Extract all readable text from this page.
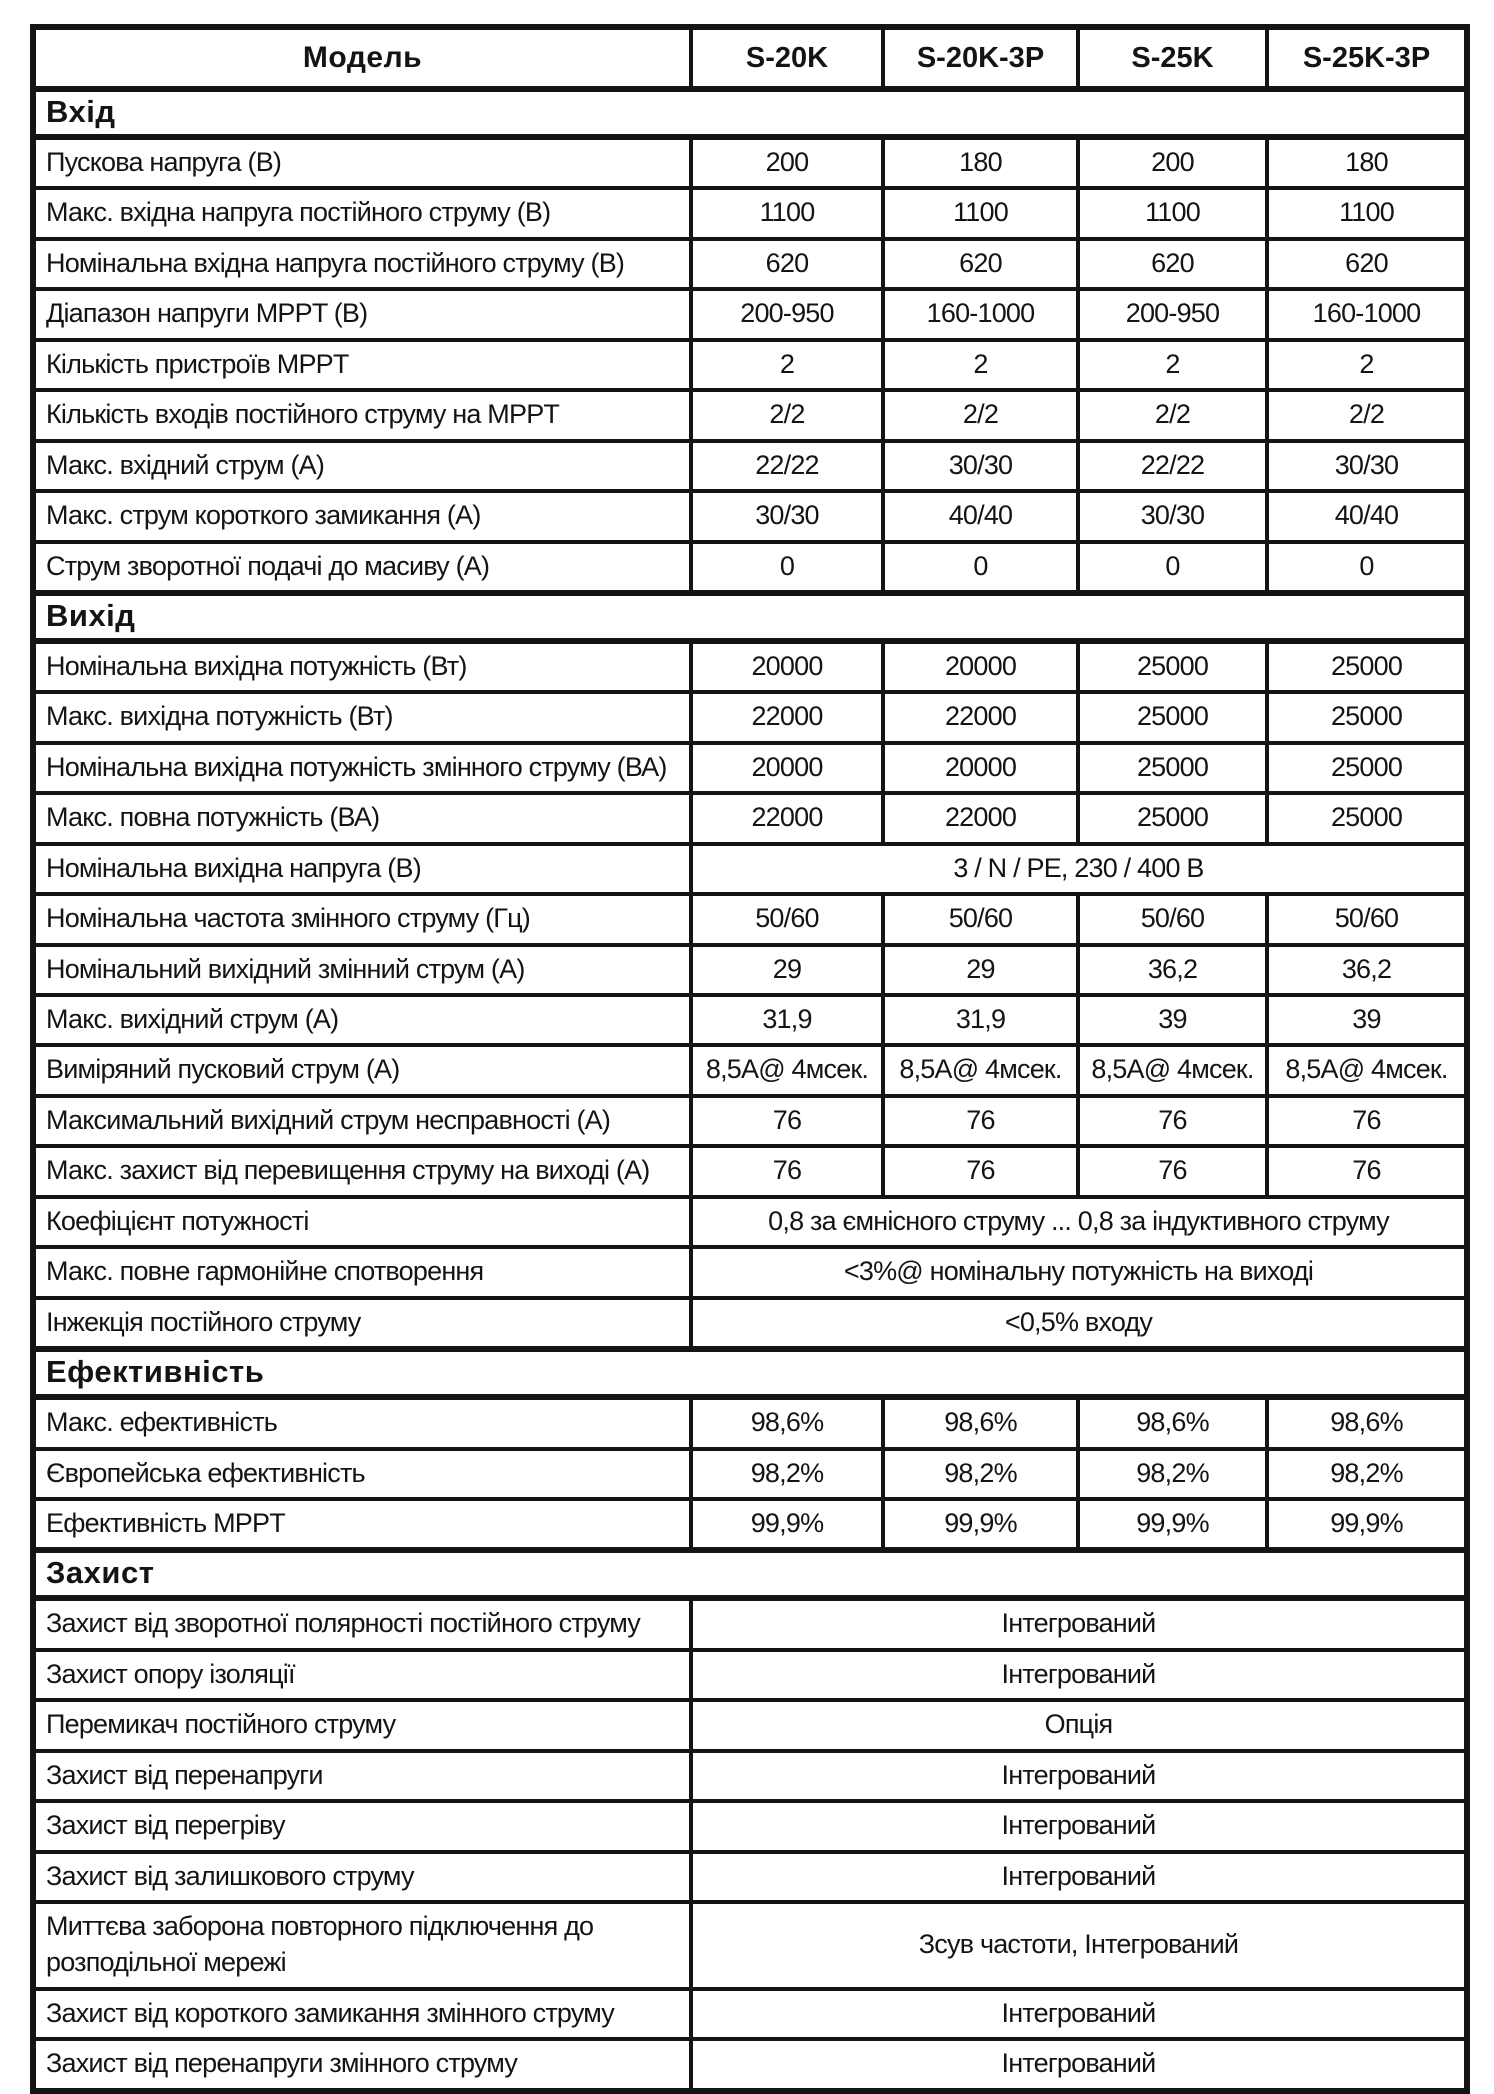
Модель	S-20K	S-20K-3P	S-25K	S-25K-3P
Вхід				
Пускова напруга (В)	200	180	200	180
Макс. вхідна напруга постійного струму (В)	1100	1100	1100	1100
Номінальна вхідна напруга постійного струму (В)	620	620	620	620
Діапазон напруги MPPT (В)	200-950	160-1000	200-950	160-1000
Кількість пристроїв MPPT	2	2	2	2
Кількість входів постійного струму на MPPT	2/2	2/2	2/2	2/2
Макс. вхідний струм (А)	22/22	30/30	22/22	30/30
Макс. струм короткого замикання (А)	30/30	40/40	30/30	40/40
Струм зворотної подачі до масиву (А)	0	0	0	0
Вихід				
Номінальна вихідна потужність (Вт)	20000	20000	25000	25000
Макс. вихідна потужність (Вт)	22000	22000	25000	25000
Номінальна вихідна потужність змінного струму (ВА)	20000	20000	25000	25000
Макс. повна потужність (ВА)	22000	22000	25000	25000
Номінальна вихідна напруга (В)	3 / N / PE, 230 / 400 В			
Номінальна частота змінного струму (Гц)	50/60	50/60	50/60	50/60
Номінальний вихідний змінний струм (А)	29	29	36,2	36,2
Макс. вихідний струм (А)	31,9	31,9	39	39
Виміряний пусковий струм (А)	8,5А@ 4мсек.	8,5А@ 4мсек.	8,5А@ 4мсек.	8,5А@ 4мсек.
Максимальний вихідний струм несправності (А)	76	76	76	76
Макс. захист від перевищення струму на виході (А)	76	76	76	76
Коефіцієнт потужності	0,8 за ємнісного струму ... 0,8 за індуктивного струму			
Макс. повне гармонійне спотворення	<3%@ номінальну потужність на виході			
Інжекція постійного струму	<0,5% входу			
Ефективність				
Макс. ефективність	98,6%	98,6%	98,6%	98,6%
Європейська ефективність	98,2%	98,2%	98,2%	98,2%
Ефективність MPPT	99,9%	99,9%	99,9%	99,9%
Захист				
Захист від зворотної полярності постійного струму	Інтегрований			
Захист опору ізоляції	Інтегрований			
Перемикач постійного струму	Опція			
Захист від перенапруги	Інтегрований			
Захист від перегріву	Інтегрований			
Захист від залишкового струму	Інтегрований			
Миттєва заборона повторного підключення до розподільної мережі	Зсув частоти, Інтегрований			
Захист від короткого замикання змінного струму	Інтегрований			
Захист від перенапруги змінного струму	Інтегрований			
